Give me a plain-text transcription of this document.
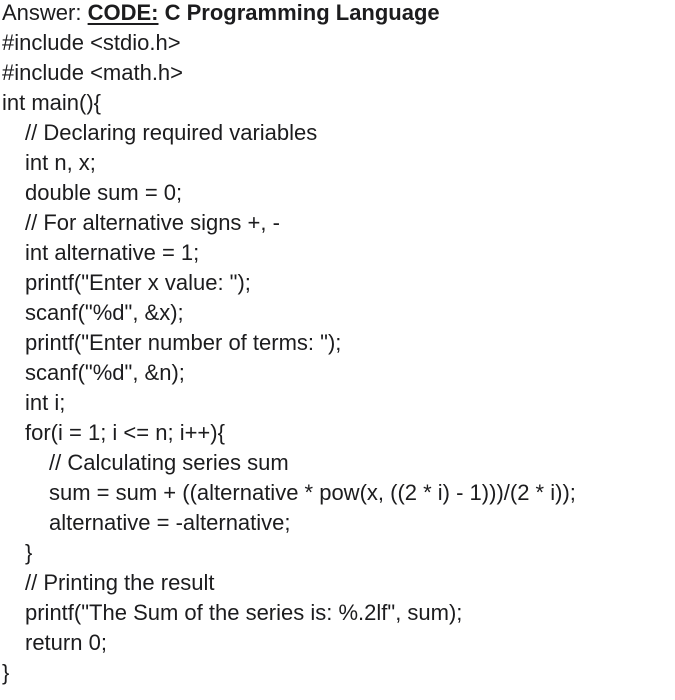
Answer: CODE: C Programming Language
#include <stdio.h>
#include <math.h>
int main(){
// Declaring required variables
int n, x;
double sum = 0;
// For alternative signs +, -
int alternative = 1;
printf("Enter x value: ");
scanf("%d", &x);
printf("Enter number of terms: ");
scanf("%d", &n);
int i;
for(i = 1; i <= n; i++){
// Calculating series sum
sum = sum + ((alternative * pow(x, ((2 * i) - 1)))/(2 * i));
alternative = -alternative;
}
// Printing the result
printf("The Sum of the series is: %.2lf", sum);
return 0;
}
